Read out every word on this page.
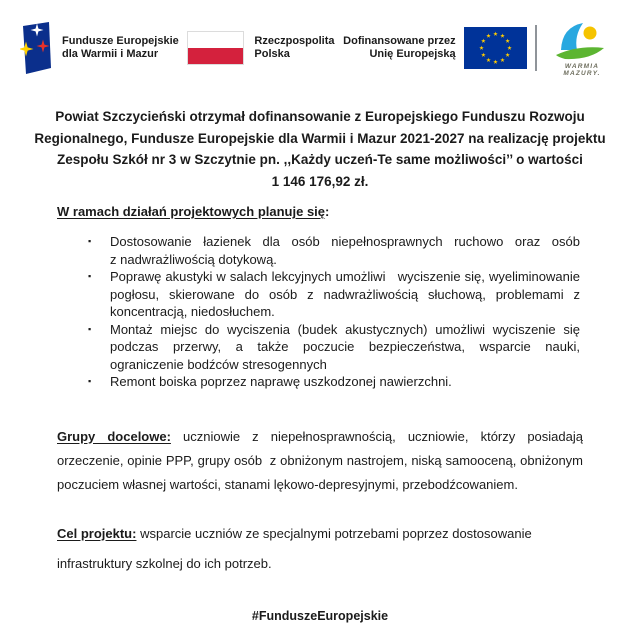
Fundusze Europejskie
dla Warmii i Mazur
Rzeczpospolita
Polska
Dofinansowane przez
Unię Europejską
WARMIA
MAZURY.
Powiat Szczycieński otrzymał dofinansowanie z Europejskiego Funduszu Rozwoju
Regionalnego, Fundusze Europejskie dla Warmii i Mazur 2021-2027 na realizację projektu
Zespołu Szkół nr 3 w Szczytnie pn. ,,Każdy uczeń-Te same możliwości’’ o wartości
1 146 176,92 zł.
W ramach działań projektowych planuje się:
▪	Dostosowanie łazienek dla osób niepełnosprawnych ruchowo oraz osób z nadwrażliwością dotykową.
▪	Poprawę akustyki w salach lekcyjnych umożliwi   wyciszenie się, wyeliminowanie pogłosu, skierowane do osób z nadwrażliwością słuchową, problemami z koncentracją, niedosłuchem.
▪	Montaż miejsc do wyciszenia (budek akustycznych) umożliwi wyciszenie się podczas przerwy, a także poczucie bezpieczeństwa, wsparcie nauki, ograniczenie bodźców stresogennych
▪	Remont boiska poprzez naprawę uszkodzonej nawierzchni.

Grupy docelowe: uczniowie z niepełnosprawnością, uczniowie, którzy posiadają orzeczenie, opinie PPP, grupy osób  z obniżonym nastrojem, niską samooceną, obniżonym poczuciem własnej wartości, stanami lękowo-depresyjnymi, przebodźcowaniem.

Cel projektu: wsparcie uczniów ze specjalnymi potrzebami poprzez dostosowanie infrastruktury szkolnej do ich potrzeb.

#FunduszeEuropejskie
